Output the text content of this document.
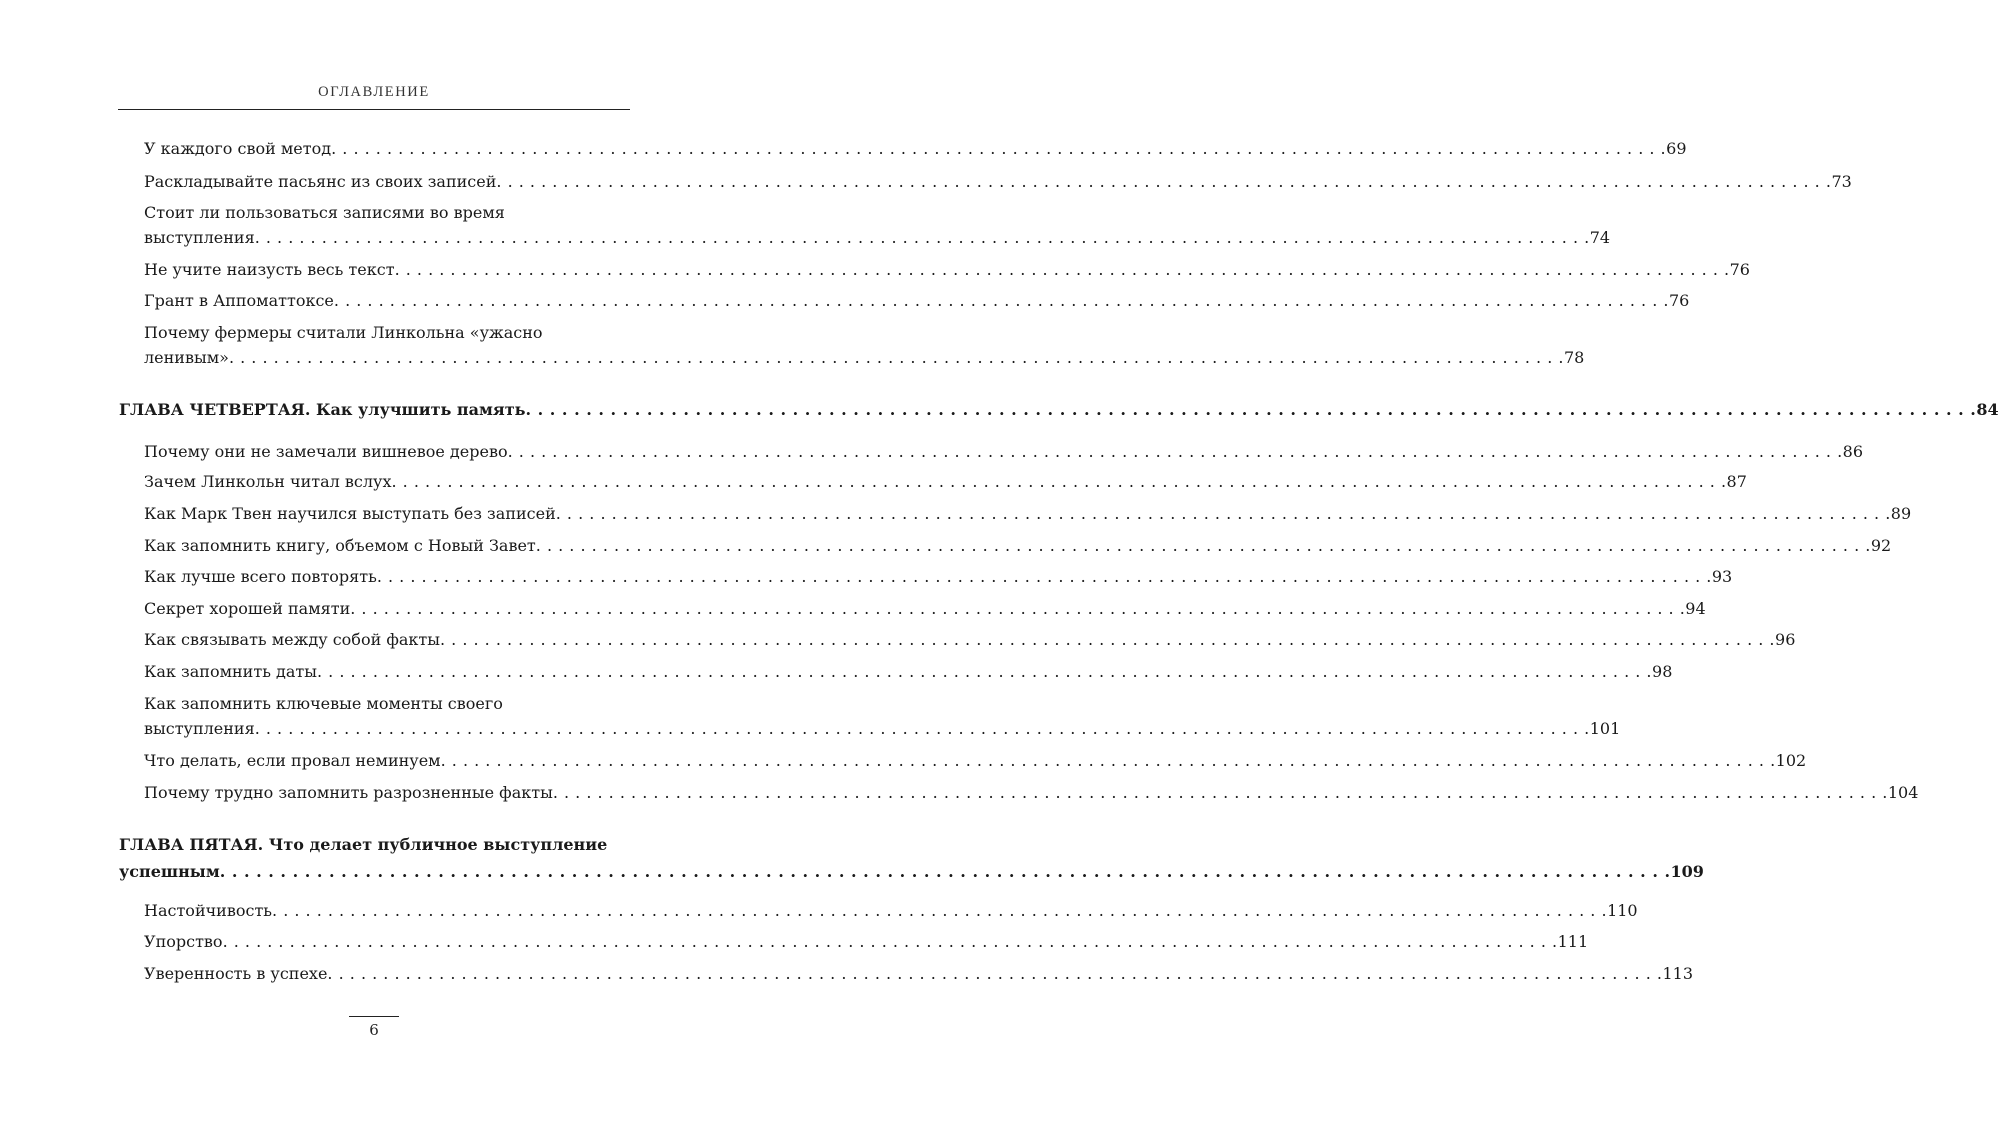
ОГЛАВЛЕНИЕ
У каждого свой метод . . . . . . . . . . . . . . . . . . . . . . . . . . . . . . . . . . . . . . . . . . . . . . . . . . . . . . . . . . . . . . . . . . . . . . . . . . . . . . . . . . . . . . . . . . . . . . . . . . . . . . . . . . . . . . . . . . . . . . . . 69
Раскладывайте пасьянс из своих записей . . . . . . . . . . . . . . . . . . . . . . . . . . . . . . . . . . . . . . . . . . . . . . . . . . . . . . . . . . . . . . . . . . . . . . . . . . . . . . . . . . . . . . . . . . . . . . . . . . . . . . . . . . . . . . . . . . . . . . . . 73
Стоит ли пользоваться записями во время
выступления . . . . . . . . . . . . . . . . . . . . . . . . . . . . . . . . . . . . . . . . . . . . . . . . . . . . . . . . . . . . . . . . . . . . . . . . . . . . . . . . . . . . . . . . . . . . . . . . . . . . . . . . . . . . . . . . . . . . . . . . 74
Не учите наизусть весь текст . . . . . . . . . . . . . . . . . . . . . . . . . . . . . . . . . . . . . . . . . . . . . . . . . . . . . . . . . . . . . . . . . . . . . . . . . . . . . . . . . . . . . . . . . . . . . . . . . . . . . . . . . . . . . . . . . . . . . . . . 76
Грант в Аппоматтоксе . . . . . . . . . . . . . . . . . . . . . . . . . . . . . . . . . . . . . . . . . . . . . . . . . . . . . . . . . . . . . . . . . . . . . . . . . . . . . . . . . . . . . . . . . . . . . . . . . . . . . . . . . . . . . . . . . . . . . . . . 76
Почему фермеры считали Линкольна «ужасно
ленивым» . . . . . . . . . . . . . . . . . . . . . . . . . . . . . . . . . . . . . . . . . . . . . . . . . . . . . . . . . . . . . . . . . . . . . . . . . . . . . . . . . . . . . . . . . . . . . . . . . . . . . . . . . . . . . . . . . . . . . . . . 78
ГЛАВА ЧЕТВЕРТАЯ. Как улучшить память . . . . . . . . . . . . . . . . . . . . . . . . . . . . . . . . . . . . . . . . . . . . . . . . . . . . . . . . . . . . . . . . . . . . . . . . . . . . . . . . . . . . . . . . . . . . . . . . . . . . . . . . . . . . . . . . . . . . . . . . 84
Почему они не замечали вишневое дерево . . . . . . . . . . . . . . . . . . . . . . . . . . . . . . . . . . . . . . . . . . . . . . . . . . . . . . . . . . . . . . . . . . . . . . . . . . . . . . . . . . . . . . . . . . . . . . . . . . . . . . . . . . . . . . . . . . . . . . . . 86
Зачем Линкольн читал вслух . . . . . . . . . . . . . . . . . . . . . . . . . . . . . . . . . . . . . . . . . . . . . . . . . . . . . . . . . . . . . . . . . . . . . . . . . . . . . . . . . . . . . . . . . . . . . . . . . . . . . . . . . . . . . . . . . . . . . . . . 87
Как Марк Твен научился выступать без записей . . . . . . . . . . . . . . . . . . . . . . . . . . . . . . . . . . . . . . . . . . . . . . . . . . . . . . . . . . . . . . . . . . . . . . . . . . . . . . . . . . . . . . . . . . . . . . . . . . . . . . . . . . . . . . . . . . . . . . . . 89
Как запомнить книгу, объемом с Новый Завет . . . . . . . . . . . . . . . . . . . . . . . . . . . . . . . . . . . . . . . . . . . . . . . . . . . . . . . . . . . . . . . . . . . . . . . . . . . . . . . . . . . . . . . . . . . . . . . . . . . . . . . . . . . . . . . . . . . . . . . . 92
Как лучше всего повторять . . . . . . . . . . . . . . . . . . . . . . . . . . . . . . . . . . . . . . . . . . . . . . . . . . . . . . . . . . . . . . . . . . . . . . . . . . . . . . . . . . . . . . . . . . . . . . . . . . . . . . . . . . . . . . . . . . . . . . . . 93
Секрет хорошей памяти . . . . . . . . . . . . . . . . . . . . . . . . . . . . . . . . . . . . . . . . . . . . . . . . . . . . . . . . . . . . . . . . . . . . . . . . . . . . . . . . . . . . . . . . . . . . . . . . . . . . . . . . . . . . . . . . . . . . . . . . 94
Как связывать между собой факты . . . . . . . . . . . . . . . . . . . . . . . . . . . . . . . . . . . . . . . . . . . . . . . . . . . . . . . . . . . . . . . . . . . . . . . . . . . . . . . . . . . . . . . . . . . . . . . . . . . . . . . . . . . . . . . . . . . . . . . . 96
Как запомнить даты . . . . . . . . . . . . . . . . . . . . . . . . . . . . . . . . . . . . . . . . . . . . . . . . . . . . . . . . . . . . . . . . . . . . . . . . . . . . . . . . . . . . . . . . . . . . . . . . . . . . . . . . . . . . . . . . . . . . . . . . 98
Как запомнить ключевые моменты своего
выступления . . . . . . . . . . . . . . . . . . . . . . . . . . . . . . . . . . . . . . . . . . . . . . . . . . . . . . . . . . . . . . . . . . . . . . . . . . . . . . . . . . . . . . . . . . . . . . . . . . . . . . . . . . . . . . . . . . . . . . . . 101
Что делать, если провал неминуем . . . . . . . . . . . . . . . . . . . . . . . . . . . . . . . . . . . . . . . . . . . . . . . . . . . . . . . . . . . . . . . . . . . . . . . . . . . . . . . . . . . . . . . . . . . . . . . . . . . . . . . . . . . . . . . . . . . . . . . . 102
Почему трудно запомнить разрозненные факты . . . . . . . . . . . . . . . . . . . . . . . . . . . . . . . . . . . . . . . . . . . . . . . . . . . . . . . . . . . . . . . . . . . . . . . . . . . . . . . . . . . . . . . . . . . . . . . . . . . . . . . . . . . . . . . . . . . . . . . . 104
ГЛАВА ПЯТАЯ. Что делает публичное выступление
успешным . . . . . . . . . . . . . . . . . . . . . . . . . . . . . . . . . . . . . . . . . . . . . . . . . . . . . . . . . . . . . . . . . . . . . . . . . . . . . . . . . . . . . . . . . . . . . . . . . . . . . . . . . . . . . . . . . . . . . . . . 109
Настойчивость . . . . . . . . . . . . . . . . . . . . . . . . . . . . . . . . . . . . . . . . . . . . . . . . . . . . . . . . . . . . . . . . . . . . . . . . . . . . . . . . . . . . . . . . . . . . . . . . . . . . . . . . . . . . . . . . . . . . . . . . 110
Упорство . . . . . . . . . . . . . . . . . . . . . . . . . . . . . . . . . . . . . . . . . . . . . . . . . . . . . . . . . . . . . . . . . . . . . . . . . . . . . . . . . . . . . . . . . . . . . . . . . . . . . . . . . . . . . . . . . . . . . . . . 111
Уверенность в успехе . . . . . . . . . . . . . . . . . . . . . . . . . . . . . . . . . . . . . . . . . . . . . . . . . . . . . . . . . . . . . . . . . . . . . . . . . . . . . . . . . . . . . . . . . . . . . . . . . . . . . . . . . . . . . . . . . . . . . . . . 113
6
